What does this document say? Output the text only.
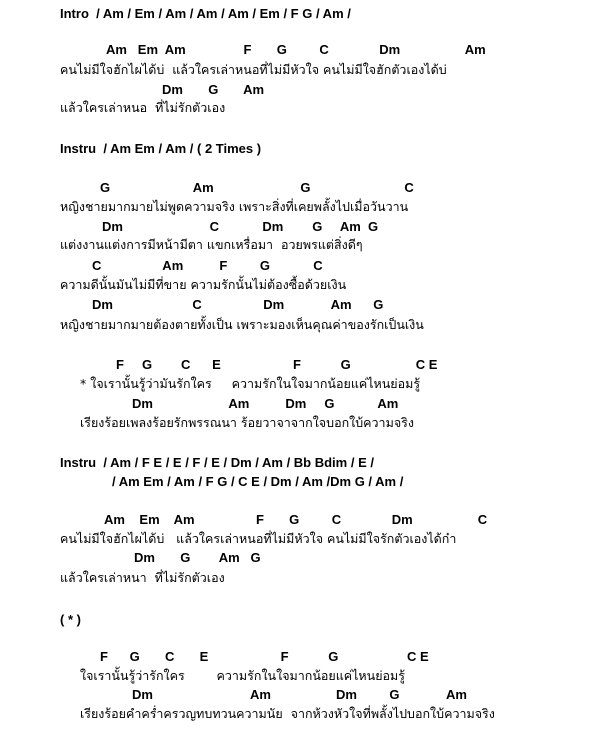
Intro  / Am / Em / Am / Am / Am / Em / F G / Am /
Am   Em  Am                F       G         C              Dm                  Am
คนไม่มีใจฮักไผได้บ่  แล้วใครเล่าหนอที่ไม่มีหัวใจ คนไม่มีใจฮักตัวเองได้บ่
Dm       G       Am
แล้วใครเล่าหนอ  ที่ไม่รักตัวเอง
Instru  / Am Em / Am / ( 2 Times )
G                       Am                        G                          C
หญิงชายมากมายไม่พูดความจริง เพราะสิ่งที่เคยพลั้งไปเมื่อวันวาน
Dm                        C            Dm        G     Am  G
แต่งงานแต่งการมีหน้ามีตา แขกเหรื่อมา  อวยพรแต่สิ่งดีๆ
C                 Am          F         G            C
ความดีนั้นมันไม่มีที่ขาย ความรักนั้นไม่ต้องซื้อด้วยเงิน
Dm                      C                 Dm             Am      G
หญิงชายมากมายต้องตายทั้งเป็น เพราะมองเห็นคุณค่าของรักเป็นเงิน
F     G        C      E                    F           G                  C E
* ใจเรานั้นรู้ว่ามันรักใคร     ความรักในใจมากน้อยแค่ไหนย่อมรู้
Dm                     Am          Dm     G            Am
เรียงร้อยเพลงร้อยรักพรรณนา ร้อยวาจาจากใจบอกใบ้ความจริง
Instru  / Am / F E / E / F / E / Dm / Am / Bb Bdim / E /
/ Am Em / Am / F G / C E / Dm / Am /Dm G / Am /
Am    Em    Am                 F       G         C              Dm                  C
คนไม่มีใจฮักไผได้บ่   แล้วใครเล่าหนอที่ไม่มีหัวใจ คนไม่มีใจรักตัวเองได้ก๋า
Dm       G        Am   G
แล้วใครเล่าหนา  ที่ไม่รักตัวเอง
( * )
F      G       C       E                    F           G                   C E
ใจเรานั้นรู้ว่ารักใคร        ความรักในใจมากน้อยแค่ไหนย่อมรู้
Dm                           Am                  Dm         G             Am
เรียงร้อยคำคร่ำครวญทบทวนความนัย  จากห้วงหัวใจที่พลั้งไปบอกใบ้ความจริง
